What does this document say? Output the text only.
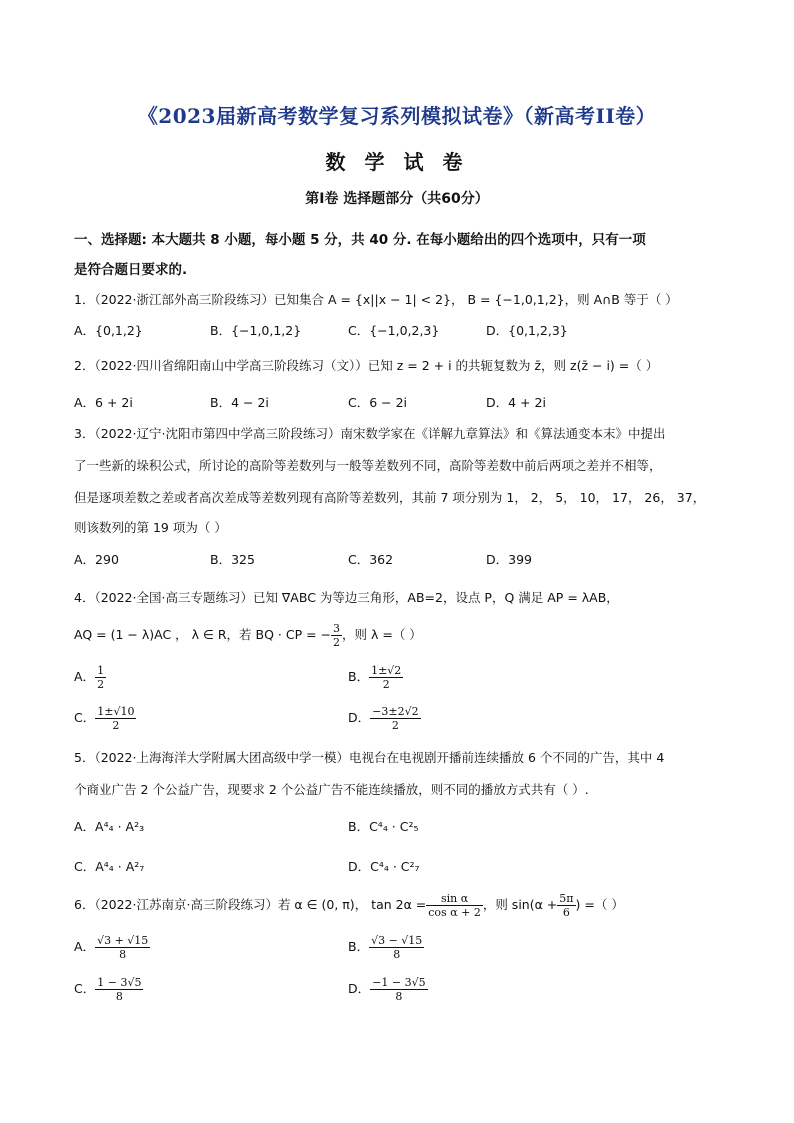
《2023届新高考数学复习系列模拟试卷》（新高考II卷）
数 学 试 卷
第Ⅰ卷 选择题部分（共60分）
一、选择题: 本大题共 8 小题，每小题 5 分，共 40 分. 在每小题给出的四个选项中，只有一项
是符合题日要求的.
1．（2022·浙江部外高三阶段练习）已知集合 A = {x||x − 1| < 2}， B = {−1,0,1,2}，则 A∩B 等于（ ）
A．{0,1,2}	B．{−1,0,1,2}	C．{−1,0,2,3}	D．{0,1,2,3}
2．（2022·四川省绵阳南山中学高三阶段练习（文））已知 z = 2 + i 的共轭复数为 z̄，则 z(z̄ − i) =（ ）
A．6 + 2i	B．4 − 2i	C．6 − 2i	D．4 + 2i
3．（2022·辽宁·沈阳市第四中学高三阶段练习）南宋数学家在《详解九章算法》和《算法通变本末》中提出
了一些新的垛积公式，所讨论的高阶等差数列与一般等差数列不同，高阶等差数中前后两项之差并不相等，
但是逐项差数之差或者高次差成等差数列现有高阶等差数列，其前 7 项分别为 1， 2， 5， 10， 17， 26， 37，
则该数列的第 19 项为（ ）
A．290	B．325	C．362	D．399
4．（2022·全国·高三专题练习）已知 ∇ABC 为等边三角形，AB=2，设点 P，Q 满足 AP = λAB，
AQ = (1 − λ)AC ， λ ∈ R，若 BQ · CP = − $\frac{3}{2}$ ，则 λ =（ ）
A． $\frac{1}{2}$	B． $\frac{1\pm√2}{2}$
C． $\frac{1\pm√10}{2}$	D． $\frac{-3\pm 2√2}{2}$
5．（2022·上海海洋大学附属大团高级中学一模）电视台在电视剧开播前连续播放 6 个不同的广告，其中 4
个商业广告 2 个公益广告，现要求 2 个公益广告不能连续播放，则不同的播放方式共有（ ）.
A．A⁴₄ · A²₃	B．C⁴₄ · C²₅
C．A⁴₄ · A²₇	D．C⁴₄ · C²₇
6．（2022·江苏南京·高三阶段练习）若 α ∈ (0, π)， $\tan 2\alpha = \frac{\text{sin α}}{\text{cos α + 2}}$ ，则 $\sin(\alpha + \frac{5\pi}{6}$ ) =（ ）
A． $\frac{√3 + √15}{8}$	B． $\frac{√3 - √15}{8}$
C． $\frac{1 - 3√5}{8}$	D． $\frac{-1 - 3√5}{8}$
